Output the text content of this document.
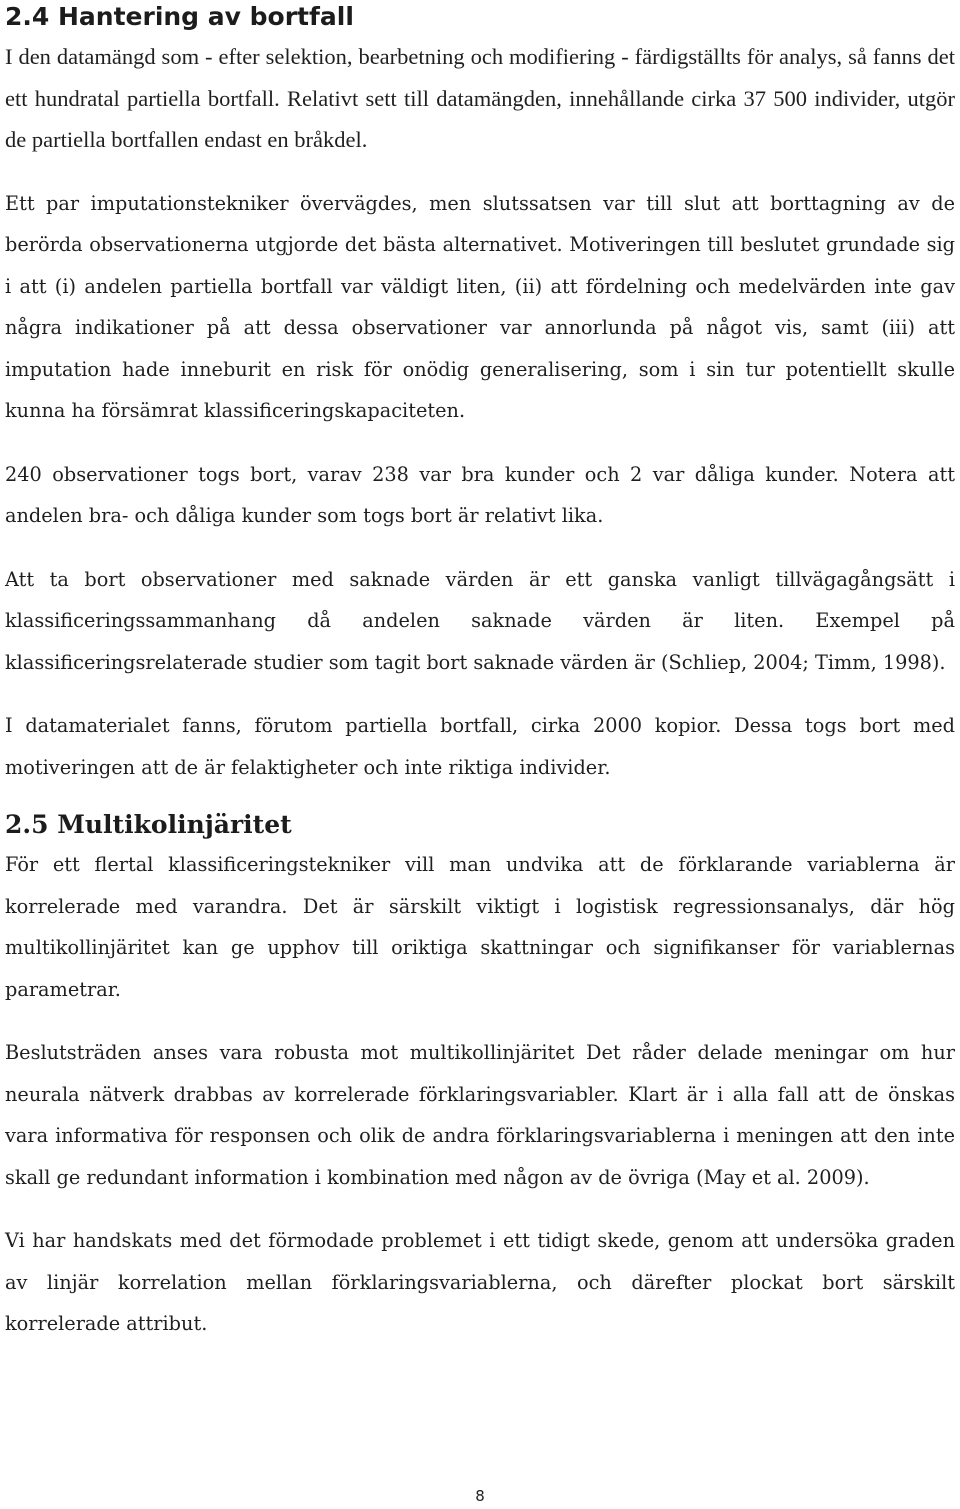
2.4 Hantering av bortfall

I den datamängd som - efter selektion, bearbetning och modifiering - färdigställts för analys, så fanns det ett hundratal partiella bortfall. Relativt sett till datamängden, innehållande cirka 37 500 individer, utgör de partiella bortfallen endast en bråkdel.

Ett par imputationstekniker övervägdes, men slutssatsen var till slut att borttagning av de berörda observationerna utgjorde det bästa alternativet. Motiveringen till beslutet grundade sig i att (i) andelen partiella bortfall var väldigt liten, (ii) att fördelning och medelvärden inte gav några indikationer på att dessa observationer var annorlunda på något vis, samt (iii) att imputation hade inneburit en risk för onödig generalisering, som i sin tur potentiellt skulle kunna ha försämrat klassificeringskapaciteten.

240 observationer togs bort, varav 238 var bra kunder och 2 var dåliga kunder. Notera att andelen bra- och dåliga kunder som togs bort är relativt lika.

Att ta bort observationer med saknade värden är ett ganska vanligt tillvägagångsätt i klassificeringssammanhang då andelen saknade värden är liten. Exempel på klassificeringsrelaterade studier som tagit bort saknade värden är (Schliep, 2004; Timm, 1998).

I datamaterialet fanns, förutom partiella bortfall, cirka 2000 kopior. Dessa togs bort med motiveringen att de är felaktigheter och inte riktiga individer.

2.5 Multikolinjäritet

För ett flertal klassificeringstekniker vill man undvika att de förklarande variablerna är korrelerade med varandra. Det är särskilt viktigt i logistisk regressionsanalys, där hög multikollinjäritet kan ge upphov till oriktiga skattningar och signifikanser för variablernas parametrar.

Beslutsträden anses vara robusta mot multikollinjäritet Det råder delade meningar om hur neurala nätverk drabbas av korrelerade förklaringsvariabler. Klart är i alla fall att de önskas vara informativa för responsen och olik de andra förklaringsvariablerna i meningen att den inte skall ge redundant information i kombination med någon av de övriga (May et al. 2009).

Vi har handskats med det förmodade problemet i ett tidigt skede, genom att undersöka graden av linjär korrelation mellan förklaringsvariablerna, och därefter plockat bort särskilt korrelerade attribut.

8
